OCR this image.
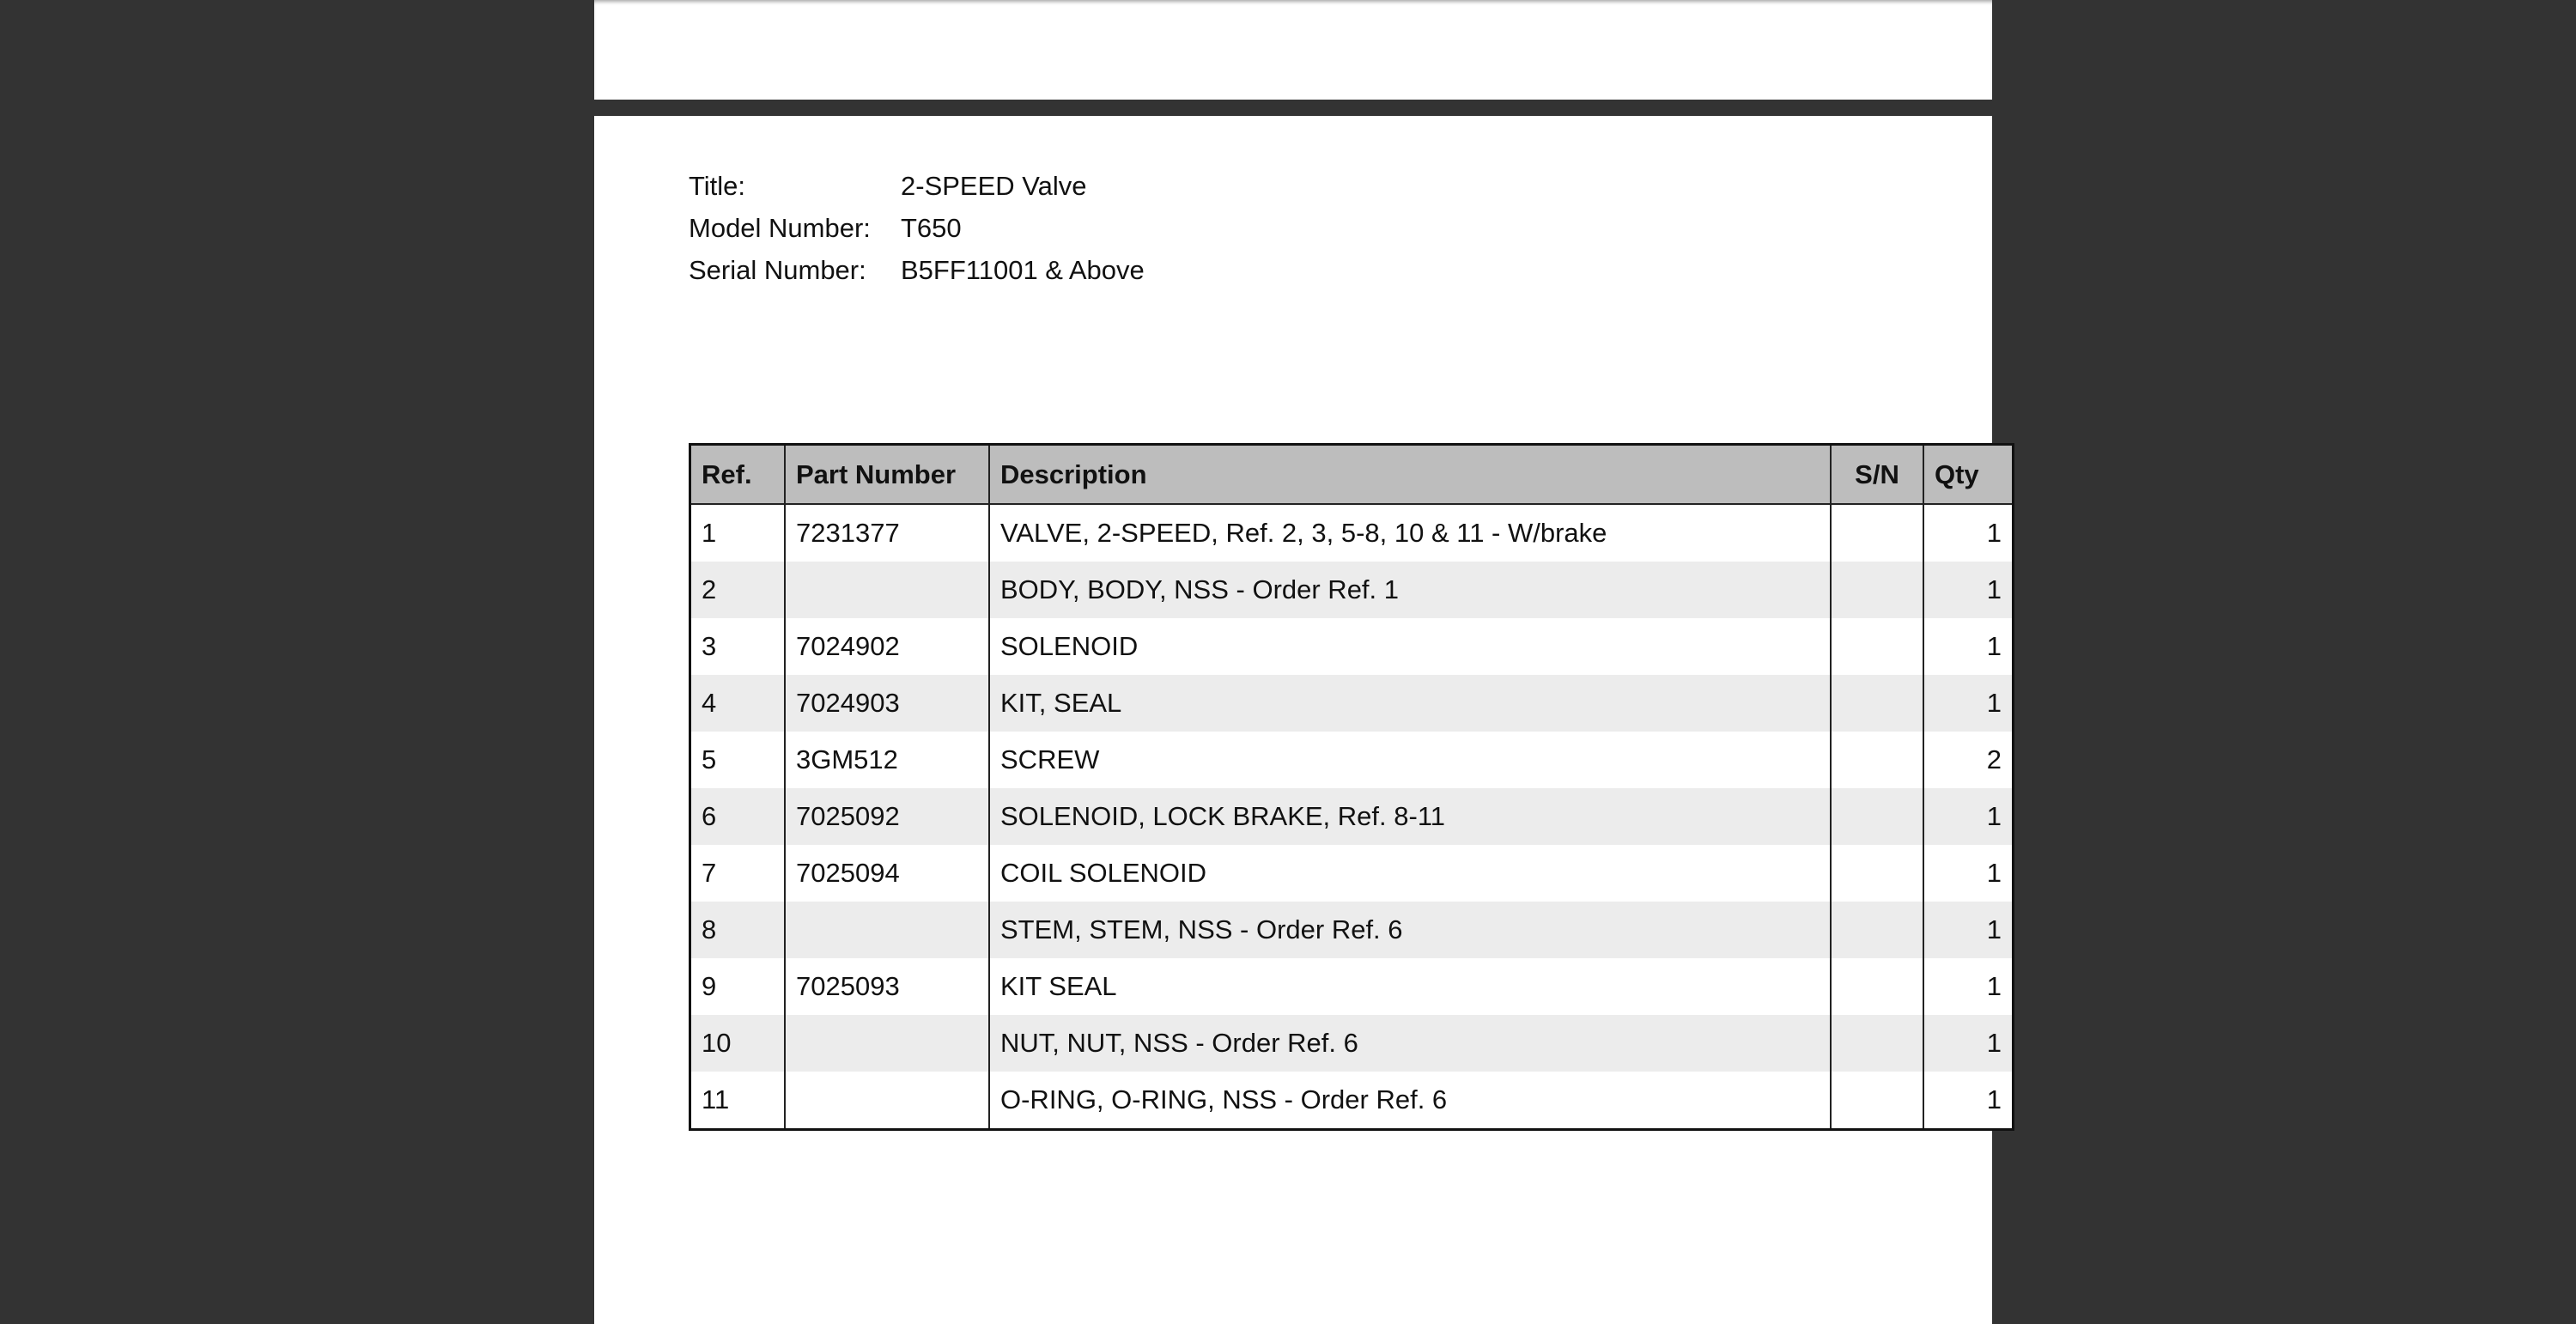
Title:	2-SPEED Valve
Model Number:	T650
Serial Number:	B5FF11001 & Above
Ref.	Part Number	Description	S/N	Qty
1	7231377	VALVE, 2-SPEED, Ref. 2, 3, 5-8, 10 & 11 - W/brake		1
2		BODY, BODY, NSS - Order Ref. 1		1
3	7024902	SOLENOID		1
4	7024903	KIT, SEAL		1
5	3GM512	SCREW		2
6	7025092	SOLENOID, LOCK BRAKE, Ref. 8-11		1
7	7025094	COIL SOLENOID		1
8		STEM, STEM, NSS - Order Ref. 6		1
9	7025093	KIT SEAL		1
10		NUT, NUT, NSS - Order Ref. 6		1
11		O-RING, O-RING, NSS - Order Ref. 6		1
